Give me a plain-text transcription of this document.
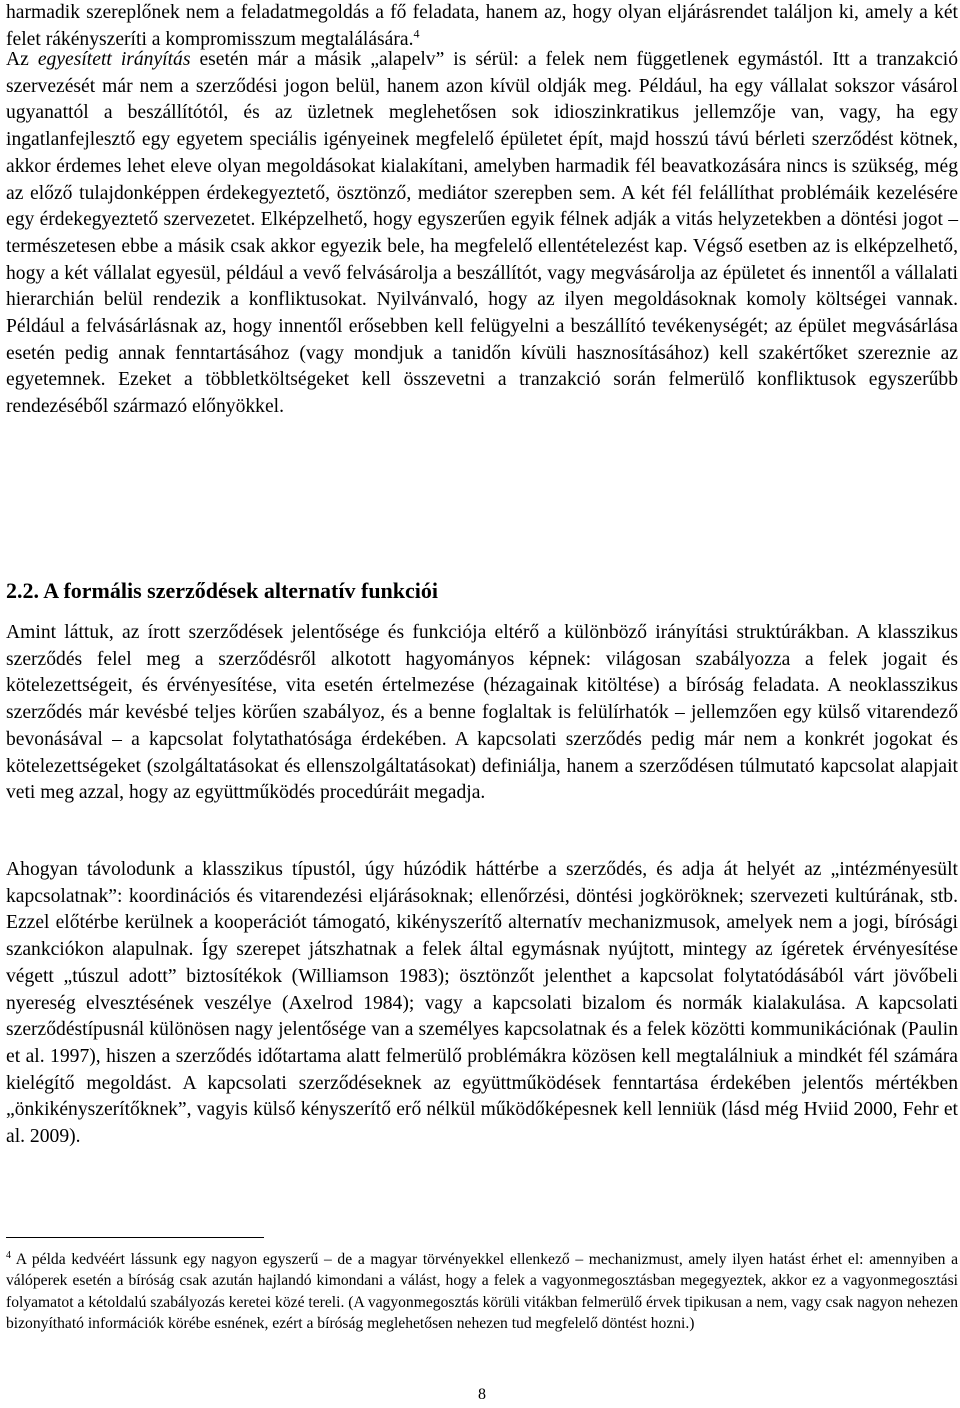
harmadik szereplőnek nem a feladatmegoldás a fő feladata, hanem az, hogy olyan eljárásrendet találjon ki, amely a két felet rákényszeríti a kompromisszum megtalálására.$^4$

Az egyesített irányítás esetén már a másik „alapelv” is sérül: a felek nem függetlenek egymástól. Itt a tranzakció szervezését már nem a szerződési jogon belül, hanem azon kívül oldják meg. Például, ha egy vállalat sokszor vásárol ugyanattól a beszállítótól, és az üzletnek meglehetősen sok idioszinkratikus jellemzője van, vagy, ha egy ingatlanfejlesztő egy egyetem speciális igényeinek megfelelő épületet épít, majd hosszú távú bérleti szerződést kötnek, akkor érdemes lehet eleve olyan megoldásokat kialakítani, amelyben harmadik fél beavatkozására nincs is szükség, még az előző tulajdonképpen érdekegyeztető, ösztönző, mediátor szerepben sem. A két fél felállíthat problémáik kezelésére egy érdekegyeztető szervezetet. Elképzelhető, hogy egyszerűen egyik félnek adják a vitás helyzetekben a döntési jogot – természetesen ebbe a másik csak akkor egyezik bele, ha megfelelő ellentételezést kap. Végső esetben az is elképzelhető, hogy a két vállalat egyesül, például a vevő felvásárolja a beszállítót, vagy megvásárolja az épületet és innentől a vállalati hierarchián belül rendezik a konfliktusokat. Nyilvánvaló, hogy az ilyen megoldásoknak komoly költségei vannak. Például a felvásárlásnak az, hogy innentől erősebben kell felügyelni a beszállító tevékenységét; az épület megvásárlása esetén pedig annak fenntartásához (vagy mondjuk a tanidőn kívüli hasznosításához) kell szakértőket szereznie az egyetemnek. Ezeket a többletköltségeket kell összevetni a tranzakció során felmerülő konfliktusok egyszerűbb rendezéséből származó előnyökkel.

2.2. A formális szerződések alternatív funkciói

Amint láttuk, az írott szerződések jelentősége és funkciója eltérő a különböző irányítási struktúrákban. A klasszikus szerződés felel meg a szerződésről alkotott hagyományos képnek: világosan szabályozza a felek jogait és kötelezettségeit, és érvényesítése, vita esetén értelmezése (hézagainak kitöltése) a bíróság feladata. A neoklasszikus szerződés már kevésbé teljes körűen szabályoz, és a benne foglaltak is felülírhatók – jellemzően egy külső vitarendező bevonásával – a kapcsolat folytathatósága érdekében. A kapcsolati szerződés pedig már nem a konkrét jogokat és kötelezettségeket (szolgáltatásokat és ellenszolgáltatásokat) definiálja, hanem a szerződésen túlmutató kapcsolat alapjait veti meg azzal, hogy az együttműködés procedúráit megadja.

Ahogyan távolodunk a klasszikus típustól, úgy húzódik háttérbe a szerződés, és adja át helyét az „intézményesült kapcsolatnak”: koordinációs és vitarendezési eljárásoknak; ellenőrzési, döntési jogköröknek; szervezeti kultúrának, stb. Ezzel előtérbe kerülnek a kooperációt támogató, kikényszerítő alternatív mechanizmusok, amelyek nem a jogi, bírósági szankciókon alapulnak. Így szerepet játszhatnak a felek által egymásnak nyújtott, mintegy az ígéretek érvényesítése végett „túszul adott” biztosítékok (Williamson 1983); ösztönzőt jelenthet a kapcsolat folytatódásából várt jövőbeli nyereség elvesztésének veszélye (Axelrod 1984); vagy a kapcsolati bizalom és normák kialakulása. A kapcsolati szerződéstípusnál különösen nagy jelentősége van a személyes kapcsolatnak és a felek közötti kommunikációnak (Paulin et al. 1997), hiszen a szerződés időtartama alatt felmerülő problémákra közösen kell megtalálniuk a mindkét fél számára kielégítő megoldást. A kapcsolati szerződéseknek az együttműködések fenntartása érdekében jelentős mértékben „önkikényszerítőknek”, vagyis külső kényszerítő erő nélkül működőképesnek kell lenniük (lásd még Hviid 2000, Fehr et al. 2009).

$^4$ A példa kedvéért lássunk egy nagyon egyszerű – de a magyar törvényekkel ellenkező – mechanizmust, amely ilyen hatást érhet el: amennyiben a válóperek esetén a bíróság csak azután hajlandó kimondani a válást, hogy a felek a vagyonmegosztásban megegyeztek, akkor ez a vagyonmegosztási folyamatot a kétoldalú szabályozás keretei közé tereli. (A vagyonmegosztás körüli vitákban felmerülő érvek tipikusan a nem, vagy csak nagyon nehezen bizonyítható információk körébe esnének, ezért a bíróság meglehetősen nehezen tud megfelelő döntést hozni.)

8
